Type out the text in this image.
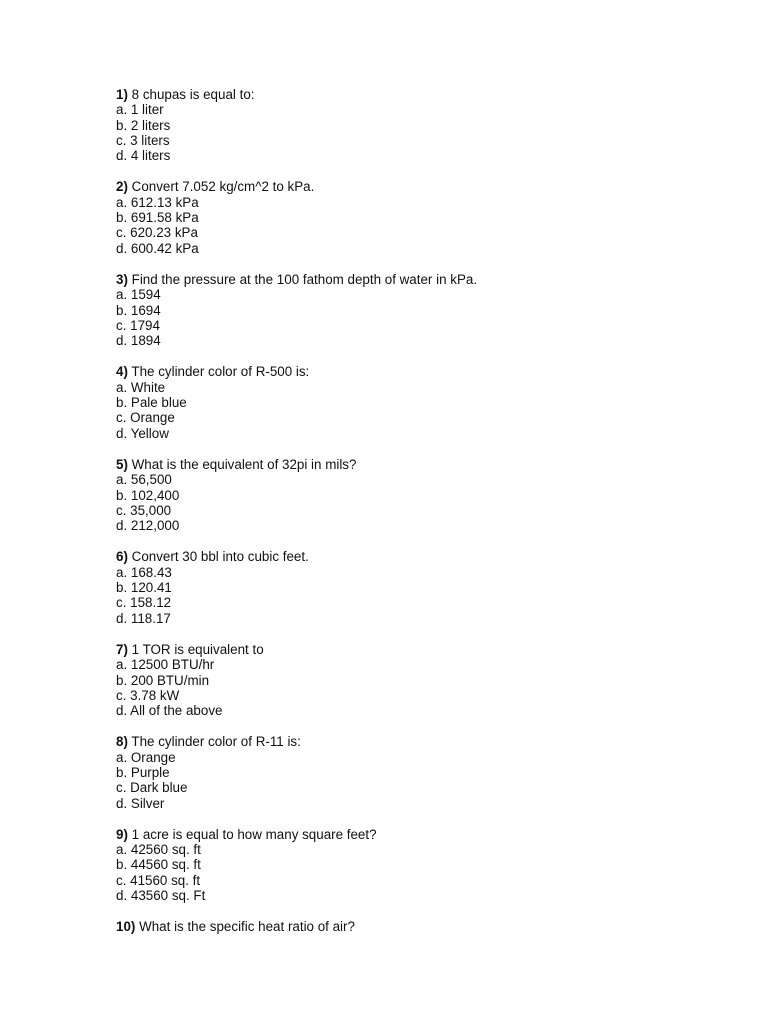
1) 8 chupas is equal to:
a. 1 liter
b. 2 liters
c. 3 liters
d. 4 liters
2) Convert 7.052 kg/cm^2 to kPa.
a. 612.13 kPa
b. 691.58 kPa
c. 620.23 kPa
d. 600.42 kPa
3) Find the pressure at the 100 fathom depth of water in kPa.
a. 1594
b. 1694
c. 1794
d. 1894
4) The cylinder color of R-500 is:
a. White
b. Pale blue
c. Orange
d. Yellow
5) What is the equivalent of 32pi in mils?
a. 56,500
b. 102,400
c. 35,000
d. 212,000
6) Convert 30 bbl into cubic feet.
a. 168.43
b. 120.41
c. 158.12
d. 118.17
7) 1 TOR is equivalent to
a. 12500 BTU/hr
b. 200 BTU/min
c. 3.78 kW
d. All of the above
8) The cylinder color of R-11 is:
a. Orange
b. Purple
c. Dark blue
d. Silver
9) 1 acre is equal to how many square feet?
a. 42560 sq. ft
b. 44560 sq. ft
c. 41560 sq. ft
d. 43560 sq. Ft
10) What is the specific heat ratio of air?
